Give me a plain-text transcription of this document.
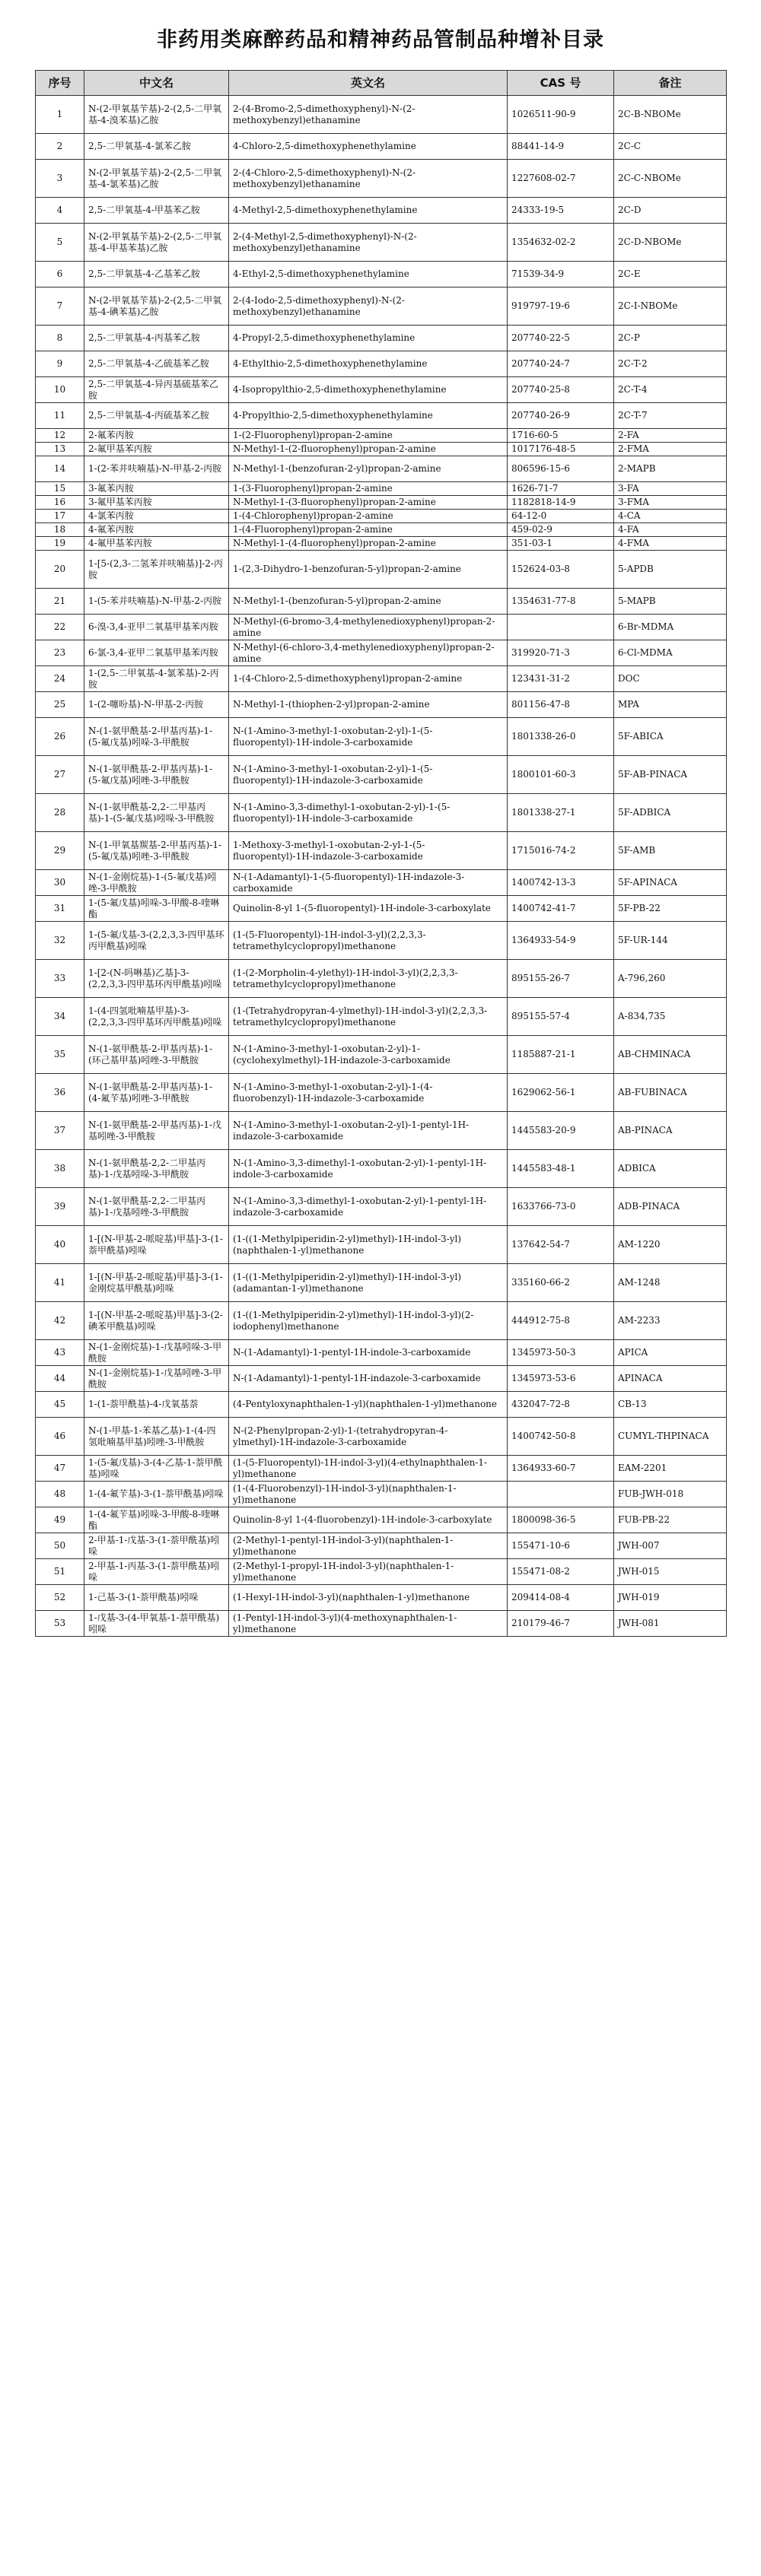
非药用类麻醉药品和精神药品管制品种增补目录
序号	中文名	英文名	CAS 号	备注
1	N-(2-甲氧基苄基)-2-(2,5-二甲氧基-4-溴苯基)乙胺	2-(4-Bromo-2,5-dimethoxyphenyl)-N-(2-methoxybenzyl)ethanamine	1026511-90-9	2C-B-NBOMe
2	2,5-二甲氧基-4-氯苯乙胺	4-Chloro-2,5-dimethoxyphenethylamine	88441-14-9	2C-C
3	N-(2-甲氧基苄基)-2-(2,5-二甲氧基-4-氯苯基)乙胺	2-(4-Chloro-2,5-dimethoxyphenyl)-N-(2-methoxybenzyl)ethanamine	1227608-02-7	2C-C-NBOMe
4	2,5-二甲氧基-4-甲基苯乙胺	4-Methyl-2,5-dimethoxyphenethylamine	24333-19-5	2C-D
5	N-(2-甲氧基苄基)-2-(2,5-二甲氧基-4-甲基苯基)乙胺	2-(4-Methyl-2,5-dimethoxyphenyl)-N-(2-methoxybenzyl)ethanamine	1354632-02-2	2C-D-NBOMe
6	2,5-二甲氧基-4-乙基苯乙胺	4-Ethyl-2,5-dimethoxyphenethylamine	71539-34-9	2C-E
7	N-(2-甲氧基苄基)-2-(2,5-二甲氧基-4-碘苯基)乙胺	2-(4-Iodo-2,5-dimethoxyphenyl)-N-(2-methoxybenzyl)ethanamine	919797-19-6	2C-I-NBOMe
8	2,5-二甲氧基-4-丙基苯乙胺	4-Propyl-2,5-dimethoxyphenethylamine	207740-22-5	2C-P
9	2,5-二甲氧基-4-乙硫基苯乙胺	4-Ethylthio-2,5-dimethoxyphenethylamine	207740-24-7	2C-T-2
10	2,5-二甲氧基-4-异丙基硫基苯乙胺	4-Isopropylthio-2,5-dimethoxyphenethylamine	207740-25-8	2C-T-4
11	2,5-二甲氧基-4-丙硫基苯乙胺	4-Propylthio-2,5-dimethoxyphenethylamine	207740-26-9	2C-T-7
12	2-氟苯丙胺	1-(2-Fluorophenyl)propan-2-amine	1716-60-5	2-FA
13	2-氟甲基苯丙胺	N-Methyl-1-(2-fluorophenyl)propan-2-amine	1017176-48-5	2-FMA
14	1-(2-苯并呋喃基)-N-甲基-2-丙胺	N-Methyl-1-(benzofuran-2-yl)propan-2-amine	806596-15-6	2-MAPB
15	3-氟苯丙胺	1-(3-Fluorophenyl)propan-2-amine	1626-71-7	3-FA
16	3-氟甲基苯丙胺	N-Methyl-1-(3-fluorophenyl)propan-2-amine	1182818-14-9	3-FMA
17	4-氯苯丙胺	1-(4-Chlorophenyl)propan-2-amine	64-12-0	4-CA
18	4-氟苯丙胺	1-(4-Fluorophenyl)propan-2-amine	459-02-9	4-FA
19	4-氟甲基苯丙胺	N-Methyl-1-(4-fluorophenyl)propan-2-amine	351-03-1	4-FMA
20	1-[5-(2,3-二氢苯并呋喃基)]-2-丙胺	1-(2,3-Dihydro-1-benzofuran-5-yl)propan-2-amine	152624-03-8	5-APDB
21	1-(5-苯并呋喃基)-N-甲基-2-丙胺	N-Methyl-1-(benzofuran-5-yl)propan-2-amine	1354631-77-8	5-MAPB
22	6-溴-3,4-亚甲二氧基甲基苯丙胺	N-Methyl-(6-bromo-3,4-methylenedioxyphenyl)propan-2-amine		6-Br-MDMA
23	6-氯-3,4-亚甲二氧基甲基苯丙胺	N-Methyl-(6-chloro-3,4-methylenedioxyphenyl)propan-2-amine	319920-71-3	6-Cl-MDMA
24	1-(2,5-二甲氧基-4-氯苯基)-2-丙胺	1-(4-Chloro-2,5-dimethoxyphenyl)propan-2-amine	123431-31-2	DOC
25	1-(2-噻吩基)-N-甲基-2-丙胺	N-Methyl-1-(thiophen-2-yl)propan-2-amine	801156-47-8	MPA
26	N-(1-氨甲酰基-2-甲基丙基)-1-(5-氟戊基)吲哚-3-甲酰胺	N-(1-Amino-3-methyl-1-oxobutan-2-yl)-1-(5-fluoropentyl)-1H-indole-3-carboxamide	1801338-26-0	5F-ABICA
27	N-(1-氨甲酰基-2-甲基丙基)-1-(5-氟戊基)吲唑-3-甲酰胺	N-(1-Amino-3-methyl-1-oxobutan-2-yl)-1-(5-fluoropentyl)-1H-indazole-3-carboxamide	1800101-60-3	5F-AB-PINACA
28	N-(1-氨甲酰基-2,2-二甲基丙基)-1-(5-氟戊基)吲哚-3-甲酰胺	N-(1-Amino-3,3-dimethyl-1-oxobutan-2-yl)-1-(5-fluoropentyl)-1H-indole-3-carboxamide	1801338-27-1	5F-ADBICA
29	N-(1-甲氧基羰基-2-甲基丙基)-1-(5-氟戊基)吲唑-3-甲酰胺	1-Methoxy-3-methyl-1-oxobutan-2-yl-1-(5-fluoropentyl)-1H-indazole-3-carboxamide	1715016-74-2	5F-AMB
30	N-(1-金刚烷基)-1-(5-氟戊基)吲唑-3-甲酰胺	N-(1-Adamantyl)-1-(5-fluoropentyl)-1H-indazole-3-carboxamide	1400742-13-3	5F-APINACA
31	1-(5-氟戊基)吲哚-3-甲酸-8-喹啉酯	Quinolin-8-yl 1-(5-fluoropentyl)-1H-indole-3-carboxylate	1400742-41-7	5F-PB-22
32	1-(5-氟戊基-3-(2,2,3,3-四甲基环丙甲酰基)吲哚	(1-(5-Fluoropentyl)-1H-indol-3-yl)(2,2,3,3-tetramethylcyclopropyl)methanone	1364933-54-9	5F-UR-144
33	1-[2-(N-吗啉基)乙基]-3-(2,2,3,3-四甲基环丙甲酰基)吲哚	(1-(2-Morpholin-4-ylethyl)-1H-indol-3-yl)(2,2,3,3-tetramethylcyclopropyl)methanone	895155-26-7	A-796,260
34	1-(4-四氢吡喃基甲基)-3-(2,2,3,3-四甲基环丙甲酰基)吲哚	(1-(Tetrahydropyran-4-ylmethyl)-1H-indol-3-yl)(2,2,3,3-tetramethylcyclopropyl)methanone	895155-57-4	A-834,735
35	N-(1-氨甲酰基-2-甲基丙基)-1-(环己基甲基)吲唑-3-甲酰胺	N-(1-Amino-3-methyl-1-oxobutan-2-yl)-1-(cyclohexylmethyl)-1H-indazole-3-carboxamide	1185887-21-1	AB-CHMINACA
36	N-(1-氨甲酰基-2-甲基丙基)-1-(4-氟苄基)吲唑-3-甲酰胺	N-(1-Amino-3-methyl-1-oxobutan-2-yl)-1-(4-fluorobenzyl)-1H-indazole-3-carboxamide	1629062-56-1	AB-FUBINACA
37	N-(1-氨甲酰基-2-甲基丙基)-1-戊基吲唑-3-甲酰胺	N-(1-Amino-3-methyl-1-oxobutan-2-yl)-1-pentyl-1H-indazole-3-carboxamide	1445583-20-9	AB-PINACA
38	N-(1-氨甲酰基-2,2-二甲基丙基)-1-戊基吲哚-3-甲酰胺	N-(1-Amino-3,3-dimethyl-1-oxobutan-2-yl)-1-pentyl-1H-indole-3-carboxamide	1445583-48-1	ADBICA
39	N-(1-氨甲酰基-2,2-二甲基丙基)-1-戊基吲唑-3-甲酰胺	N-(1-Amino-3,3-dimethyl-1-oxobutan-2-yl)-1-pentyl-1H-indazole-3-carboxamide	1633766-73-0	ADB-PINACA
40	1-[(N-甲基-2-哌啶基)甲基]-3-(1-萘甲酰基)吲哚	(1-((1-Methylpiperidin-2-yl)methyl)-1H-indol-3-yl)(naphthalen-1-yl)methanone	137642-54-7	AM-1220
41	1-[(N-甲基-2-哌啶基)甲基]-3-(1-金刚烷基甲酰基)吲哚	(1-((1-Methylpiperidin-2-yl)methyl)-1H-indol-3-yl)(adamantan-1-yl)methanone	335160-66-2	AM-1248
42	1-[(N-甲基-2-哌啶基)甲基]-3-(2-碘苯甲酰基)吲哚	(1-((1-Methylpiperidin-2-yl)methyl)-1H-indol-3-yl)(2-iodophenyl)methanone	444912-75-8	AM-2233
43	N-(1-金刚烷基)-1-戊基吲哚-3-甲酰胺	N-(1-Adamantyl)-1-pentyl-1H-indole-3-carboxamide	1345973-50-3	APICA
44	N-(1-金刚烷基)-1-戊基吲唑-3-甲酰胺	N-(1-Adamantyl)-1-pentyl-1H-indazole-3-carboxamide	1345973-53-6	APINACA
45	1-(1-萘甲酰基)-4-戊氧基萘	(4-Pentyloxynaphthalen-1-yl)(naphthalen-1-yl)methanone	432047-72-8	CB-13
46	N-(1-甲基-1-苯基乙基)-1-(4-四氢吡喃基甲基)吲唑-3-甲酰胺	N-(2-Phenylpropan-2-yl)-1-(tetrahydropyran-4-ylmethyl)-1H-indazole-3-carboxamide	1400742-50-8	CUMYL-THPINACA
47	1-(5-氟戊基)-3-(4-乙基-1-萘甲酰基)吲哚	(1-(5-Fluoropentyl)-1H-indol-3-yl)(4-ethylnaphthalen-1-yl)methanone	1364933-60-7	EAM-2201
48	1-(4-氟苄基)-3-(1-萘甲酰基)吲哚	(1-(4-Fluorobenzyl)-1H-indol-3-yl)(naphthalen-1-yl)methanone		FUB-JWH-018
49	1-(4-氟苄基)吲哚-3-甲酸-8-喹啉酯	Quinolin-8-yl 1-(4-fluorobenzyl)-1H-indole-3-carboxylate	1800098-36-5	FUB-PB-22
50	2-甲基-1-戊基-3-(1-萘甲酰基)吲哚	(2-Methyl-1-pentyl-1H-indol-3-yl)(naphthalen-1-yl)methanone	155471-10-6	JWH-007
51	2-甲基-1-丙基-3-(1-萘甲酰基)吲哚	(2-Methyl-1-propyl-1H-indol-3-yl)(naphthalen-1-yl)methanone	155471-08-2	JWH-015
52	1-己基-3-(1-萘甲酰基)吲哚	(1-Hexyl-1H-indol-3-yl)(naphthalen-1-yl)methanone	209414-08-4	JWH-019
53	1-戊基-3-(4-甲氧基-1-萘甲酰基)吲哚	(1-Pentyl-1H-indol-3-yl)(4-methoxynaphthalen-1-yl)methanone	210179-46-7	JWH-081
